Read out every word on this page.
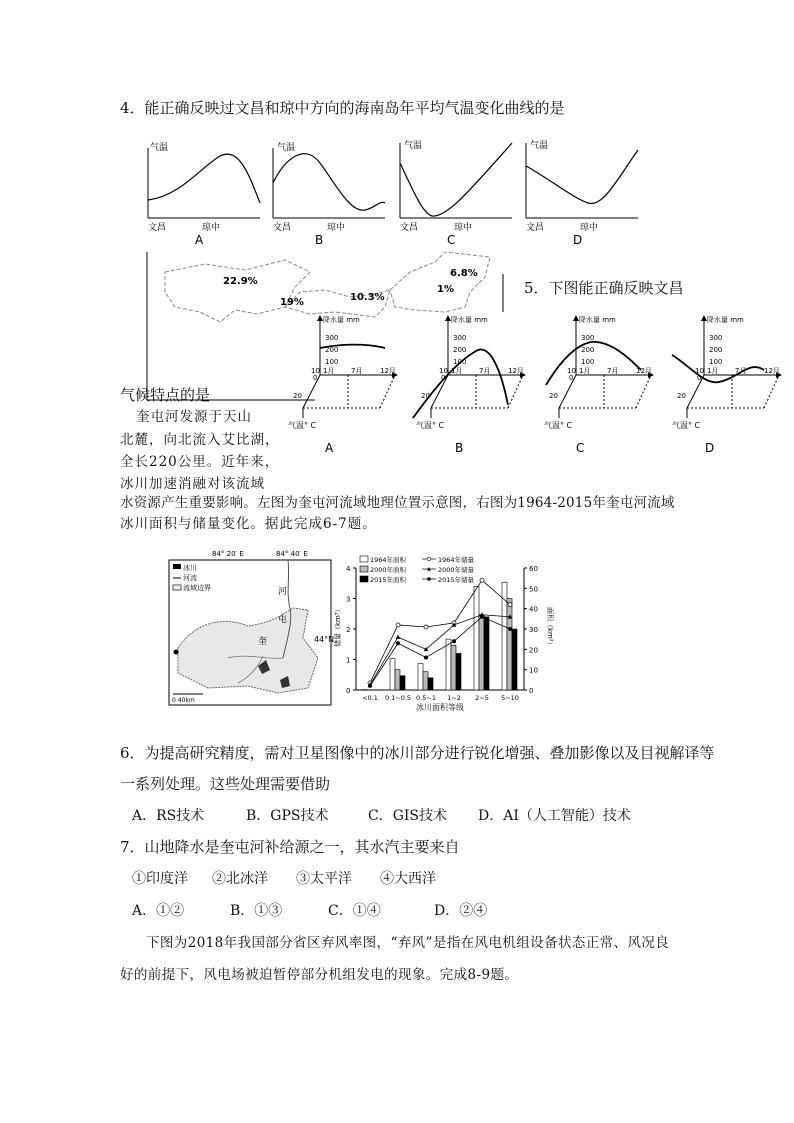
4．能正确反映过文昌和琼中方向的海南岛年平均气温变化曲线的是
气温
文昌	琼中
A
气温
文昌	琼中
B
气温
文昌	琼中
C
气温
文昌	琼中
D
22.9%
19%	10.3%
6.8%
1%	5．下图能正确反映文昌
气候特点的是
降水量 mm
300
200
100
10
0
20
1月 7月	12月
气温° C
A
降水量 mm
300
200
100
10
0
20
1月 7月	12月
气温° C
B
降水量 mm
300
200
100
10
0
20
1月 7月	12月
气温° C
C
降水量 mm
300
200
100
10
0
20
1月 7月	12月
气温° C
D
奎屯河发源于天山
北麓，向北流入艾比湖，
全长220公里。近年来，
冰川加速消融对该流域
水资源产生重要影响。左图为奎屯河流域地理位置示意图，右图为1964-2015年奎屯河流域
冰川面积与储量变化。据此完成6-7题。
84° 20′ E	84° 40′ E
冰川
河流
流域边界	河
屯
奎	44°N
0 40km
0
1
2
3
4
0
10
20
30
40
50
60
储量（km³）	面积（km²）
<0.1 0.1~0.5 0.5~1 1~2 2~5 5~10
1964年面积
2000年面积
2015年面积
1964年储量
2000年储量
2015年储量
冰川面积等级
6．为提高研究精度，需对卫星图像中的冰川部分进行锐化增强、叠加影像以及目视解译等
一系列处理。这些处理需要借助
A．RS技术	B．GPS技术	C．GIS技术 D．AI（人工智能）技术
7．山地降水是奎屯河补给源之一，其水汽主要来自
①印度洋 ②北冰洋 ③太平洋 ④大西洋
A．①②	B．①③	C．①④	D．②④
下图为2018年我国部分省区弃风率图，“弃风”是指在风电机组设备状态正常、风况良
好的前提下，风电场被迫暂停部分机组发电的现象。完成8-9题。
